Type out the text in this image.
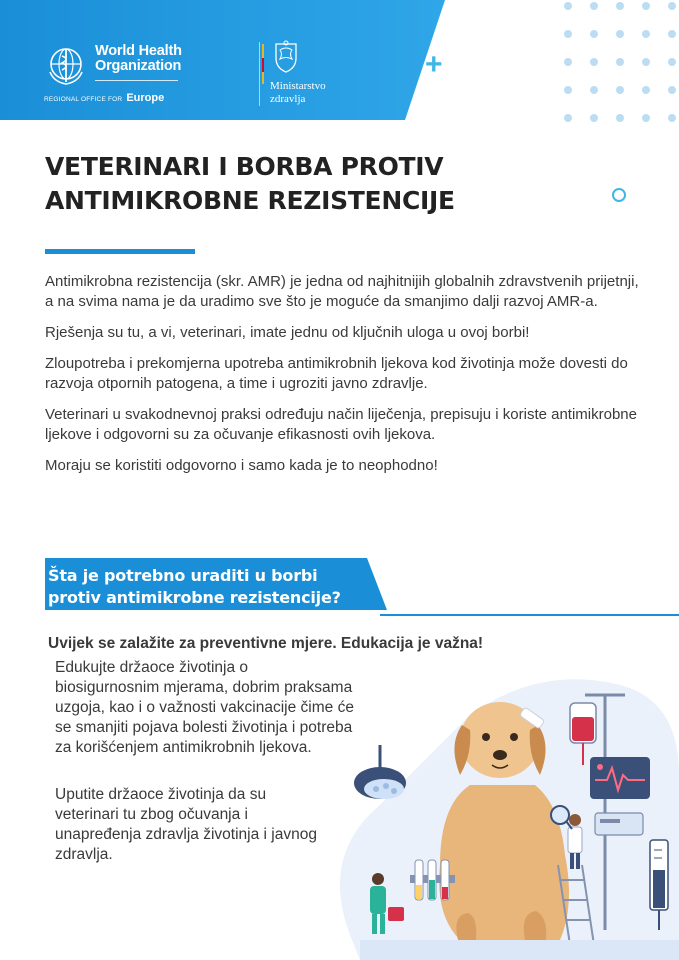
World Health
Organization
REGIONAL OFFICE FOR Europe
Ministarstvo
zdravlja
+
VETERINARI I BORBA PROTIV
ANTIMIKROBNE REZISTENCIJE

Antimikrobna rezistencija (skr. AMR) je jedna od najhitnijih globalnih zdravstvenih prijetnji, a na svima nama je da uradimo sve što je moguće da smanjimo dalji razvoj AMR-a.

Rješenja su tu, a vi, veterinari, imate jednu od ključnih uloga u ovoj borbi!

Zloupotreba i prekomjerna upotreba antimikrobnih ljekova kod životinja može dovesti do razvoja otpornih patogena, a time i ugroziti javno zdravlje.

Veterinari u svakodnevnoj praksi određuju način liječenja, prepisuju i koriste antimikrobne ljekove i odgovorni su za očuvanje efikasnosti ovih ljekova.

Moraju se koristiti odgovorno i samo kada je to neophodno!

Šta je potrebno uraditi u borbi
protiv antimikrobne rezistencije?

Uvijek se zalažite za preventivne mjere. Edukacija je važna!

Edukujte držaoce životinja o biosigurnosnim mjerama, dobrim praksama uzgoja, kao i o važnosti vakcinacije čime će se smanjiti pojava bolesti životinja i potreba za korišćenjem antimikrobnih ljekova.

Uputite držaoce životinja da su veterinari tu zbog očuvanja i unapređenja zdravlja životinja i javnog zdravlja.
